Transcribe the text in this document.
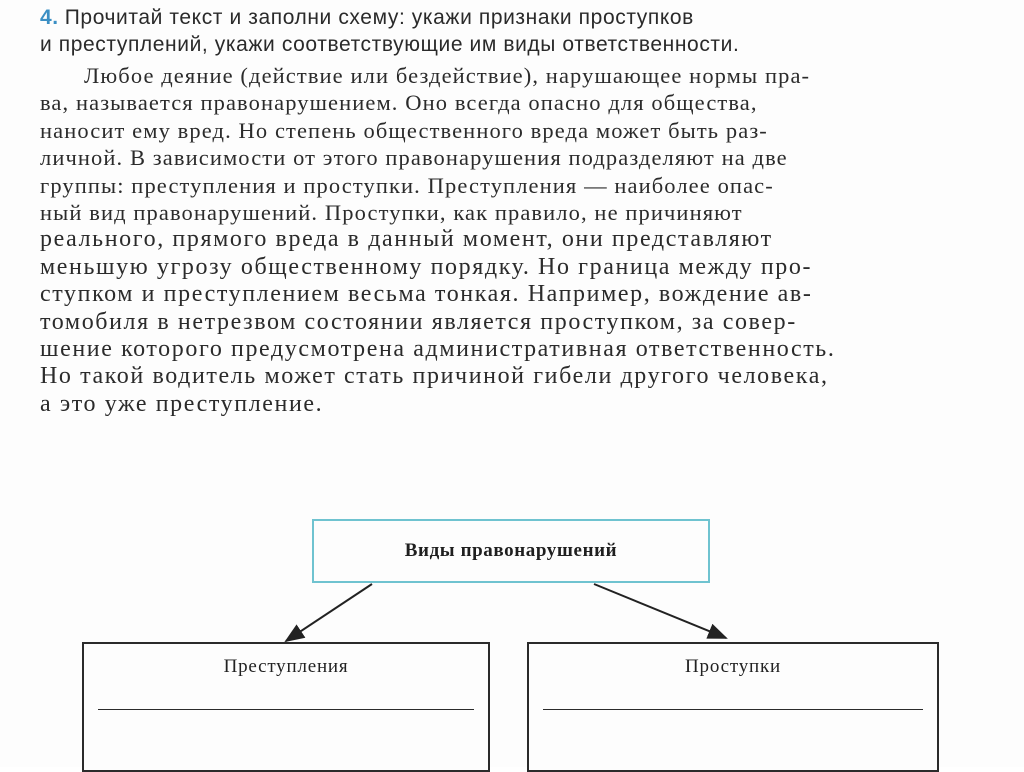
4. Прочитай текст и заполни схему: укажи признаки проступков
и преступлений, укажи соответствующие им виды ответственности.
Любое деяние (действие или бездействие), нарушающее нормы пра-
ва, называется правонарушением. Оно всегда опасно для общества,
наносит ему вред. Но степень общественного вреда может быть раз-
личной. В зависимости от этого правонарушения подразделяют на две
группы: преступления и проступки. Преступления — наиболее опас-
ный вид правонарушений. Проступки, как правило, не причиняют
реального, прямого вреда в данный момент, они представляют
меньшую угрозу общественному порядку. Но граница между про-
ступком и преступлением весьма тонкая. Например, вождение ав-
томобиля в нетрезвом состоянии является проступком, за совер-
шение которого предусмотрена административная ответственность.
Но такой водитель может стать причиной гибели другого человека,
а это уже преступление.
Виды правонарушений
Преступления	Проступки
